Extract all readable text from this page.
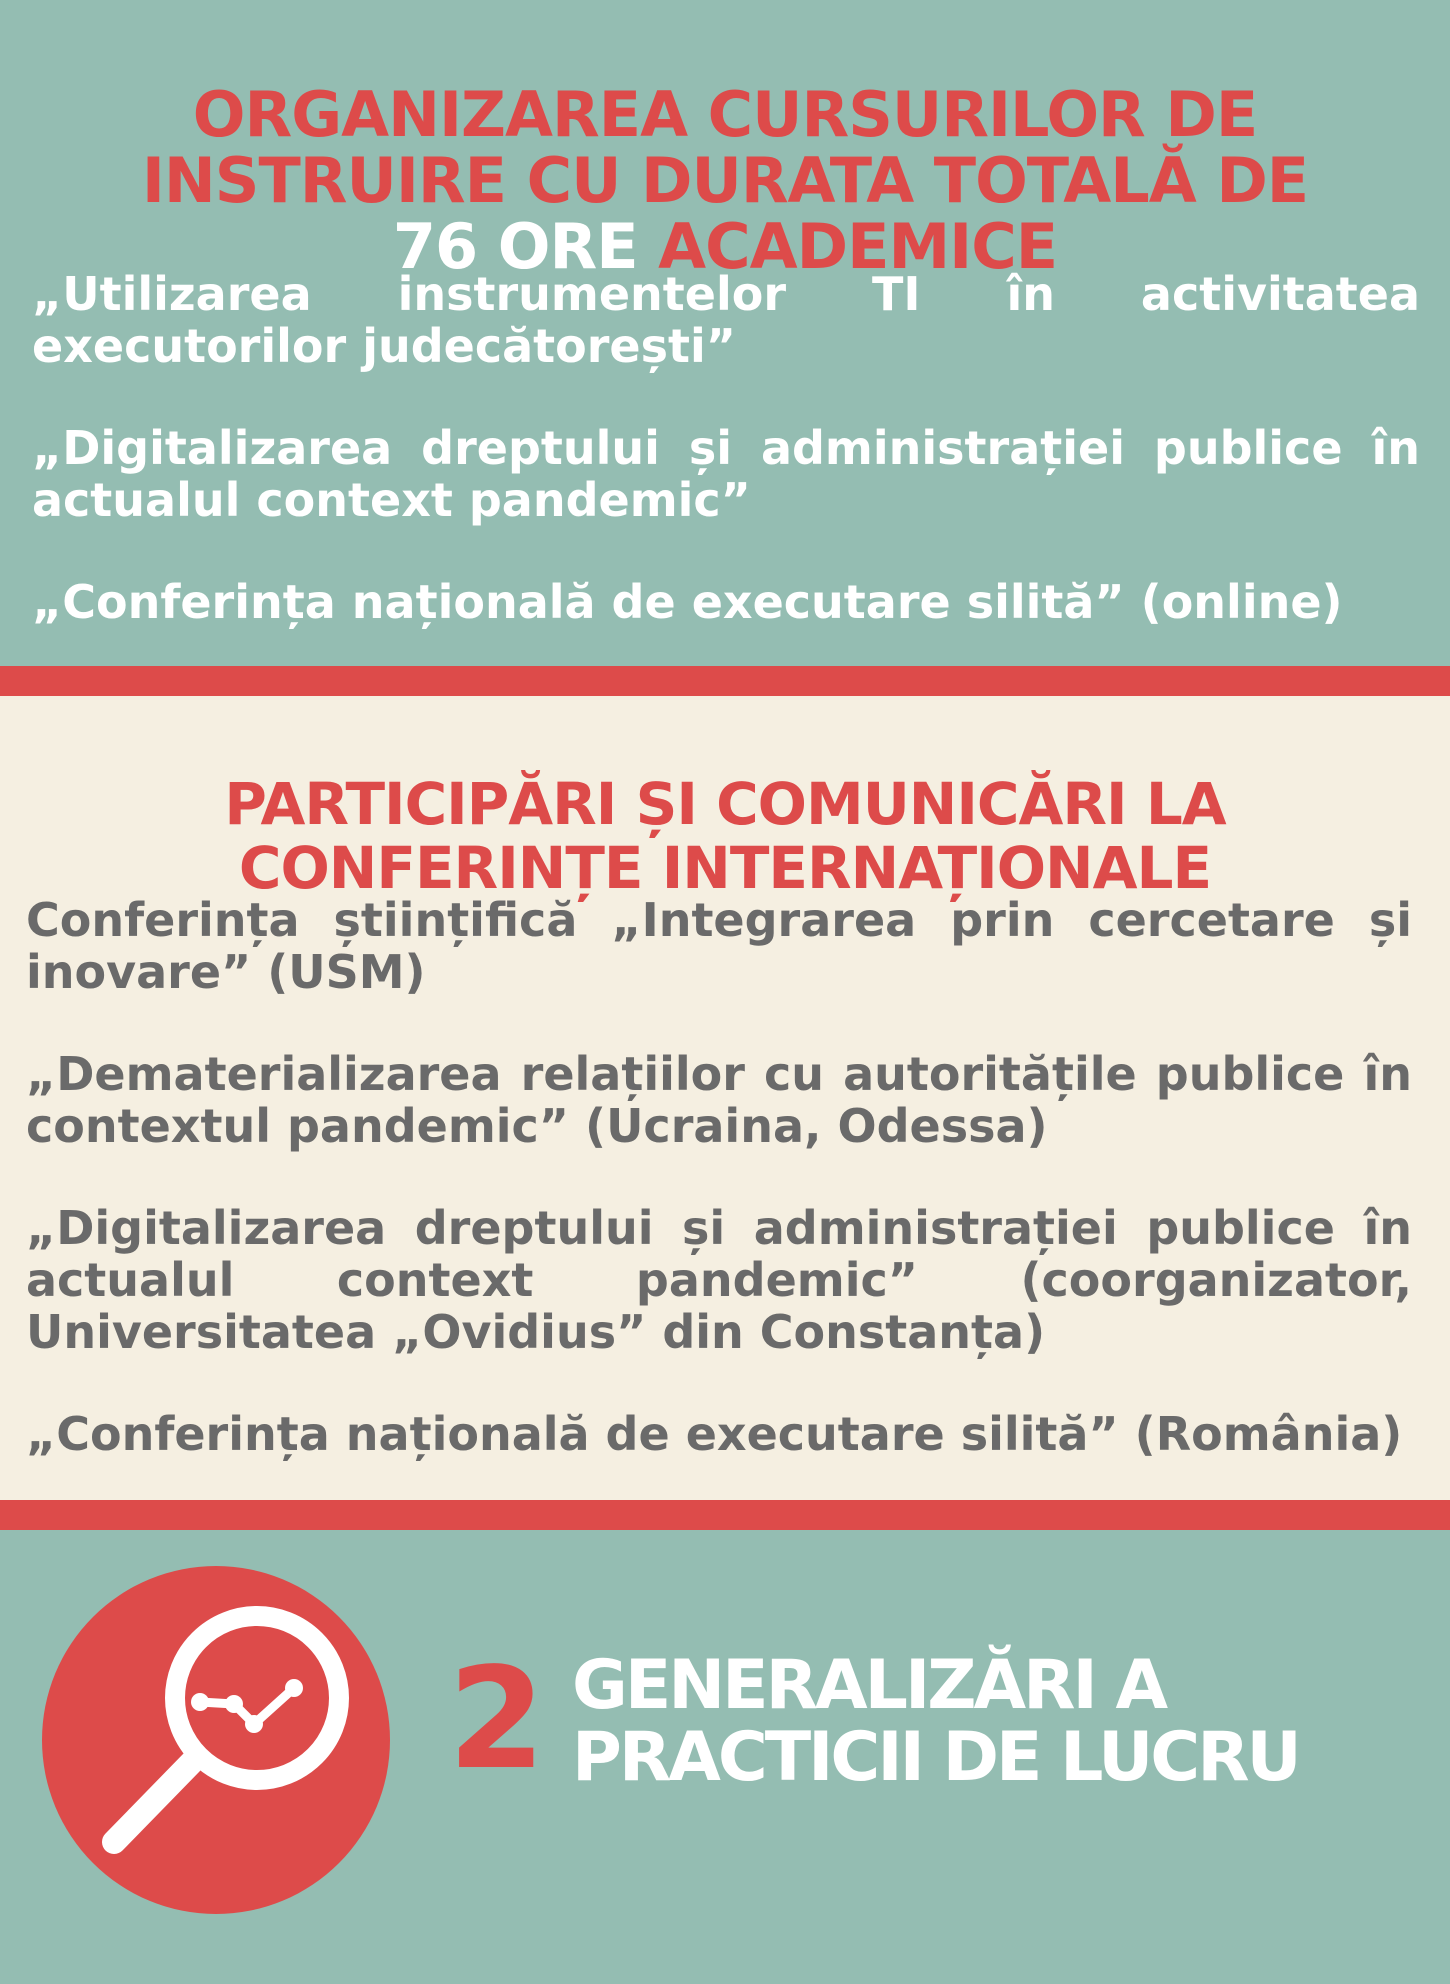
ORGANIZAREA CURSURILOR DE
INSTRUIRE CU DURATA TOTALĂ DE
76 ORE ACADEMICE

„Utilizarea instrumentelor TI în activitatea executorilor judecătorești”

„Digitalizarea dreptului și administrației publice în actualul context pandemic”

„Conferința națională de executare silită” (online)

PARTICIPĂRI ȘI COMUNICĂRI LA
CONFERINȚE INTERNAȚIONALE

Conferința științifică „Integrarea prin cercetare și inovare” (USM)

„Dematerializarea relațiilor cu autoritățile publice în contextul pandemic” (Ucraina, Odessa)

„Digitalizarea dreptului și administrației publice în actualul context pandemic” (coorganizator, Universitatea „Ovidius” din Constanța)

„Conferința națională de executare silită” (România)

2 GENERALIZĂRI A
PRACTICII DE LUCRU
